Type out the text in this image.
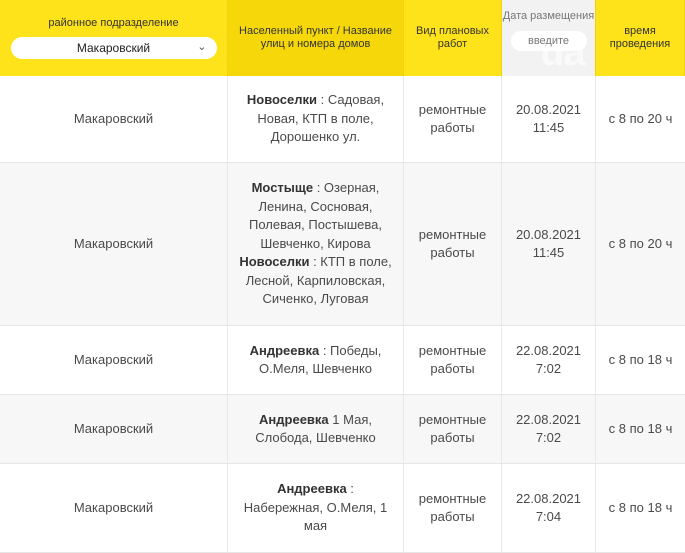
районное подразделение
Макаровский	⌄
Населенный пункт / Название улиц и номера домов
Вид плановых работ
Дата размещения
введите
время проведения
Макаровский
Новоселки : Садовая, Новая, КТП в поле, Дорошенко ул.
ремонтные работы
20.08.2021
11:45
с 8 по 20 ч
Макаровский
Мостыще : Озерная, Ленина, Сосновая, Полевая, Постышева, Шевченко, Кирова Новоселки : КТП в поле, Лесной, Карпиловская, Сиченко, Луговая
ремонтные работы
20.08.2021
11:45
с 8 по 20 ч
Макаровский
Андреевка : Победы, О.Меля, Шевченко
ремонтные работы
22.08.2021
7:02
с 8 по 18 ч
Макаровский
Андреевка 1 Мая, Слобода, Шевченко
ремонтные работы
22.08.2021
7:02
с 8 по 18 ч
Макаровский
Андреевка : Набережная, О.Меля, 1 мая
ремонтные работы
22.08.2021
7:04
с 8 по 18 ч
ua
